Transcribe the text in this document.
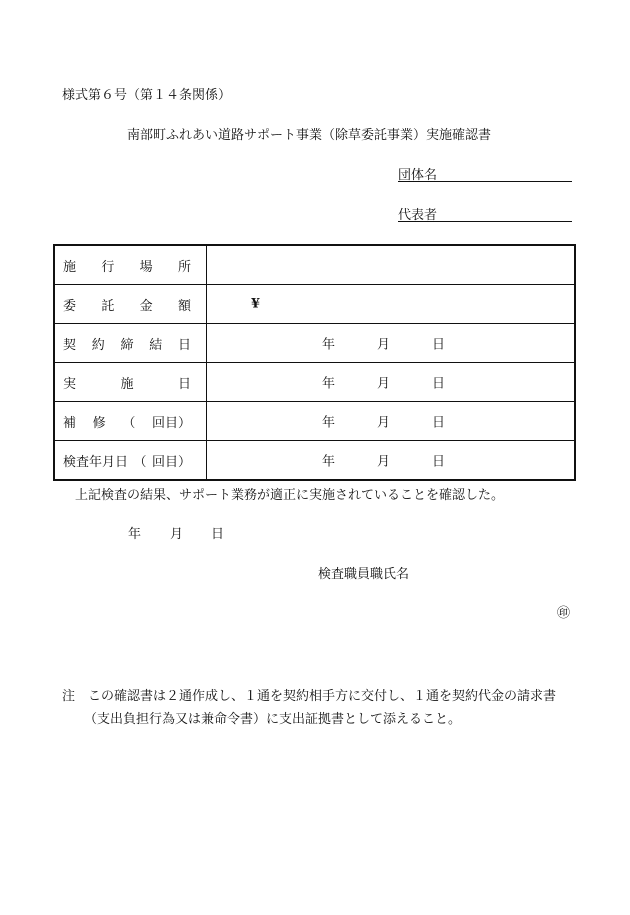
様式第６号（第１４条関係）
南部町ふれあい道路サポート事業（除草委託事業）実施確認書
団体名
代表者
施 行 場 所	

委 託 金 額	¥

契 約 締 結 日	年 月 日

実 施 日	年 月 日

補 修 （ 回目）	年 月 日

検査年月日 （ 回目）	年 月 日
上記検査の結果、サポート業務が適正に実施されていることを確認した。
年 月 日
検査職員職氏名
㊞
注　この確認書は２通作成し、１通を契約相手方に交付し、１通を契約代金の請求書
（支出負担行為又は兼命令書）に支出証拠書として添えること。
